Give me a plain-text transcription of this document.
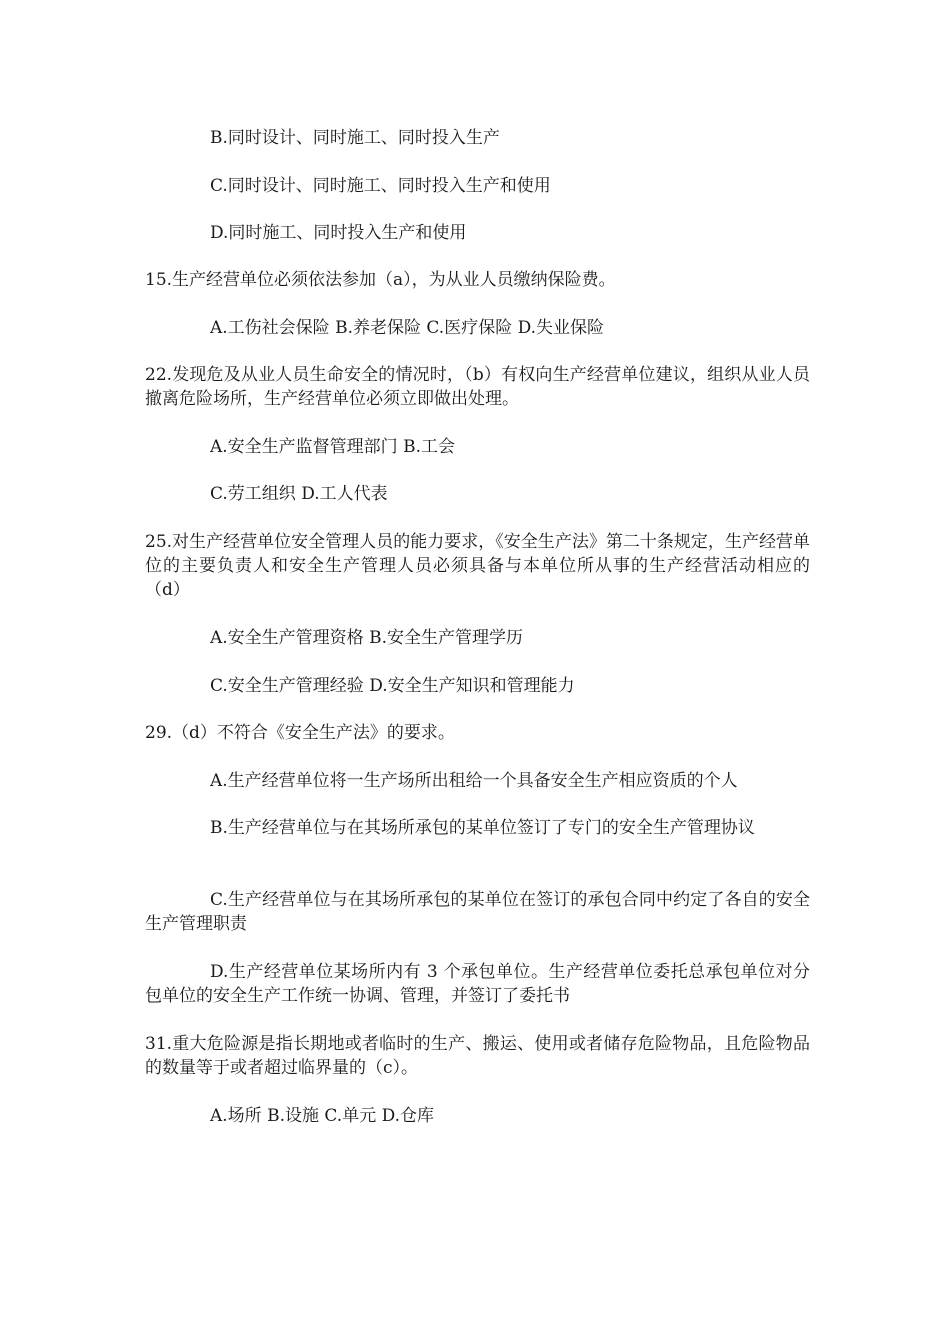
B.同时设计、同时施工、同时投入生产
C.同时设计、同时施工、同时投入生产和使用
D.同时施工、同时投入生产和使用
15.生产经营单位必须依法参加（a），为从业人员缴纳保险费。
A.工伤社会保险 B.养老保险 C.医疗保险 D.失业保险
22.发现危及从业人员生命安全的情况时，（b）有权向生产经营单位建议，组织从业人员撤离危险场所，生产经营单位必须立即做出处理。
A.安全生产监督管理部门 B.工会
C.劳工组织 D.工人代表
25.对生产经营单位安全管理人员的能力要求，《安全生产法》第二十条规定，生产经营单位的主要负责人和安全生产管理人员必须具备与本单位所从事的生产经营活动相应的（d）
A.安全生产管理资格 B.安全生产管理学历
C.安全生产管理经验 D.安全生产知识和管理能力
29.（d）不符合《安全生产法》的要求。
A.生产经营单位将一生产场所出租给一个具备安全生产相应资质的个人
B.生产经营单位与在其场所承包的某单位签订了专门的安全生产管理协议
C.生产经营单位与在其场所承包的某单位在签订的承包合同中约定了各自的安全生产管理职责
D.生产经营单位某场所内有 3 个承包单位。生产经营单位委托总承包单位对分包单位的安全生产工作统一协调、管理，并签订了委托书
31.重大危险源是指长期地或者临时的生产、搬运、使用或者储存危险物品，且危险物品的数量等于或者超过临界量的（c）。
A.场所 B.设施 C.单元 D.仓库
